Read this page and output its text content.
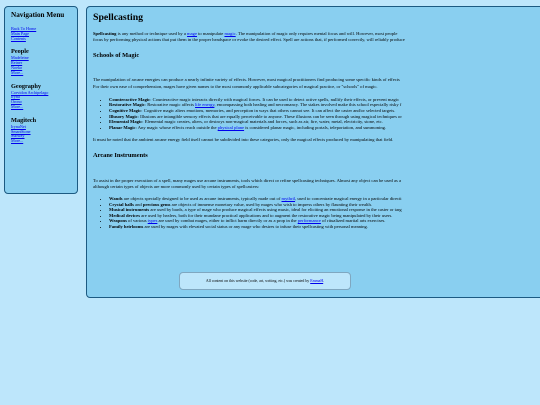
Navigation Menu
Back To Home
Main Page
Contents
People
Madeleine
Reiner
Noeko
More...
Geography
Corvidon Archipelago
Iryna
Orono
More...
Magitech
IrynaNet
SmartStone
Subway
More...
Spellcasting

Spellcasting is any method or technique used by a mage to manipulate magic. The manipulation of magic only requires mental focus and will. However, most people
focus by performing physical actions that put them in the proper headspace or evoke the desired effect. Spell are actions that, if performed correctly, will reliably produce

Schools of Magic

The manipulation of arcane energies can produce a nearly infinite variety of effects. However, most magical practitioners find producing some specific kinds of effects
For their own ease of comprehension, mages have given names to the most commonly applicable subcategories of magical practice, or "schools" of magic.

• Counteractive Magic: Counteractive magic interacts directly with magical forces. It can be used to detect active spells, nullify their effects, or prevent magic
• Restorative Magic: Restorative magic affects life energy, encompassing both healing and necromancy. The stakes involved make this school especially risky f
• Cognitive Magic: Cognitive magic alters emotions, memories, and perception in ways that others cannot see. It can affect the caster and/or selected targets.
• Illusory Magic: Illusions are intangible sensory effects that are equally perceivable to anyone. These illusions can be seen through using magical techniques or
• Elemental Magic: Elemental magic creates, alters, or destroys non-magical materials and forces, such as air, fire, water, metal, electricity, stone, etc.
• Planar Magic: Any magic whose effects reach outside the physical plane is considered planar magic, including portals, teleportation, and summoning.

It must be noted that the ambient arcane energy field itself cannot be subdivided into these categories, only the magical effects produced by manipulating that field.

Arcane Instruments

To assist in the proper execution of a spell, many mages use arcane instruments, tools which direct or refine spellcasting techniques. Almost any object can be used as a
although certain types of objects are more commonly used by certain types of spellcasters:

• Wands are objects specially designed to be used as arcane instruments, typically made out of mythril, used to concentrate magical energy in a particular directi
• Crystal balls and precious gems are objects of immense monetary value, used by mages who wish to impress others by flaunting their wealth.
• Musical instruments are used by bards, a type of mage who produce magical effects using music, ideal for eliciting an emotional response in the caster or targ
• Medical devices are used by healers, both for their mundane practical applications and to augment the restorative magic being manipulated by their users.
• Weapons of various types are used by combat mages, either to inflict harm directly or as a prop in the performance of ritualized martial arts exercises.
• Family heirlooms are used by mages with elevated social status or any mage who desires to infuse their spellcasting with personal meaning.
All content on this website (code, art, writing, etc.) was created by EmmaH.
